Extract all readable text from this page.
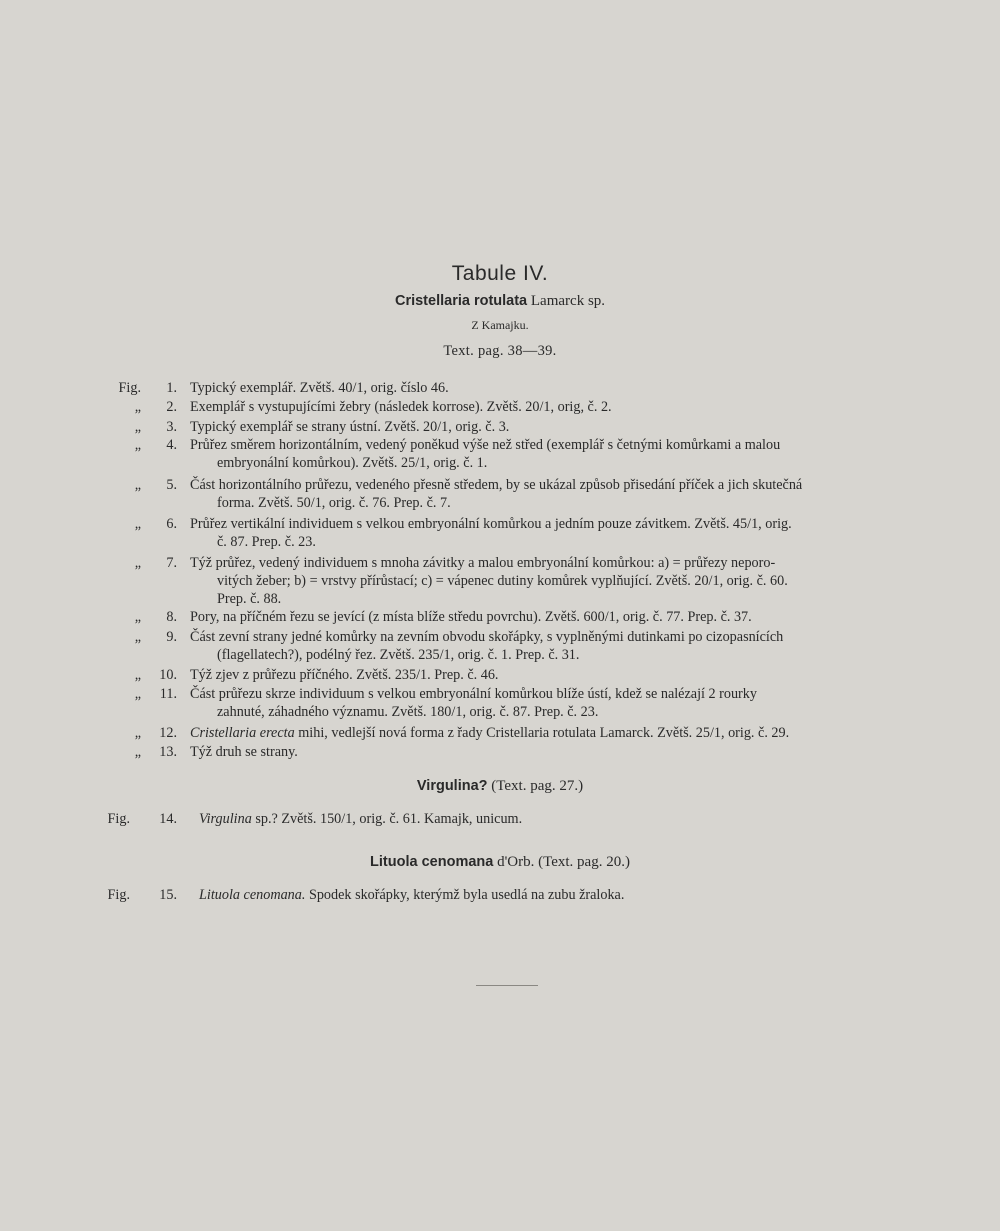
Tabule IV.
Cristellaria rotulata Lamarck sp.
Z Kamajku.
Text. pag. 38—39.
Fig. 1. Typický exemplář. Zvětš. 40/1, orig. číslo 46.
„ 2. Exemplář s vystupujícími žebry (následek korrose). Zvětš. 20/1, orig, č. 2.
„ 3. Typický exemplář se strany ústní. Zvětš. 20/1, orig. č. 3.
„ 4. Průřez směrem horizontálním, vedený poněkud výše než střed (exemplář s četnými komůrkami a malou
embryonální komůrkou). Zvětš. 25/1, orig. č. 1.
„ 5. Část horizontálního průřezu, vedeného přesně středem, by se ukázal způsob přisedání příček a jich skutečná
forma. Zvětš. 50/1, orig. č. 76. Prep. č. 7.
„ 6. Průřez vertikální individuem s velkou embryonální komůrkou a jedním pouze závitkem. Zvětš. 45/1, orig.
č. 87. Prep. č. 23.
„ 7. Týž průřez, vedený individuem s mnoha závitky a malou embryonální komůrkou: a) = průřezy neporo-
vitých žeber; b) = vrstvy přírůstací; c) = vápenec dutiny komůrek vyplňující. Zvětš. 20/1, orig. č. 60.
Prep. č. 88.
„ 8. Pory, na příčném řezu se jevící (z místa blíže středu povrchu). Zvětš. 600/1, orig. č. 77. Prep. č. 37.
„ 9. Část zevní strany jedné komůrky na zevním obvodu skořápky, s vyplněnými dutinkami po cizopasnících
(flagellatech?), podélný řez. Zvětš. 235/1, orig. č. 1. Prep. č. 31.
„ 10. Týž zjev z průřezu příčného. Zvětš. 235/1. Prep. č. 46.
„ 11. Část průřezu skrze individuum s velkou embryonální komůrkou blíže ústí, kdež se nalézají 2 rourky
zahnuté, záhadného významu. Zvětš. 180/1, orig. č. 87. Prep. č. 23.
„ 12. Cristellaria erecta mihi, vedlejší nová forma z řady Cristellaria rotulata Lamarck. Zvětš. 25/1, orig. č. 29.
„ 13. Týž druh se strany.
Virgulina? (Text. pag. 27.)
Fig. 14. Virgulina sp.? Zvětš. 150/1, orig. č. 61. Kamajk, unicum.
Lituola cenomana d'Orb. (Text. pag. 20.)
Fig. 15. Lituola cenomana. Spodek skořápky, kterýmž byla usedlá na zubu žraloka.
